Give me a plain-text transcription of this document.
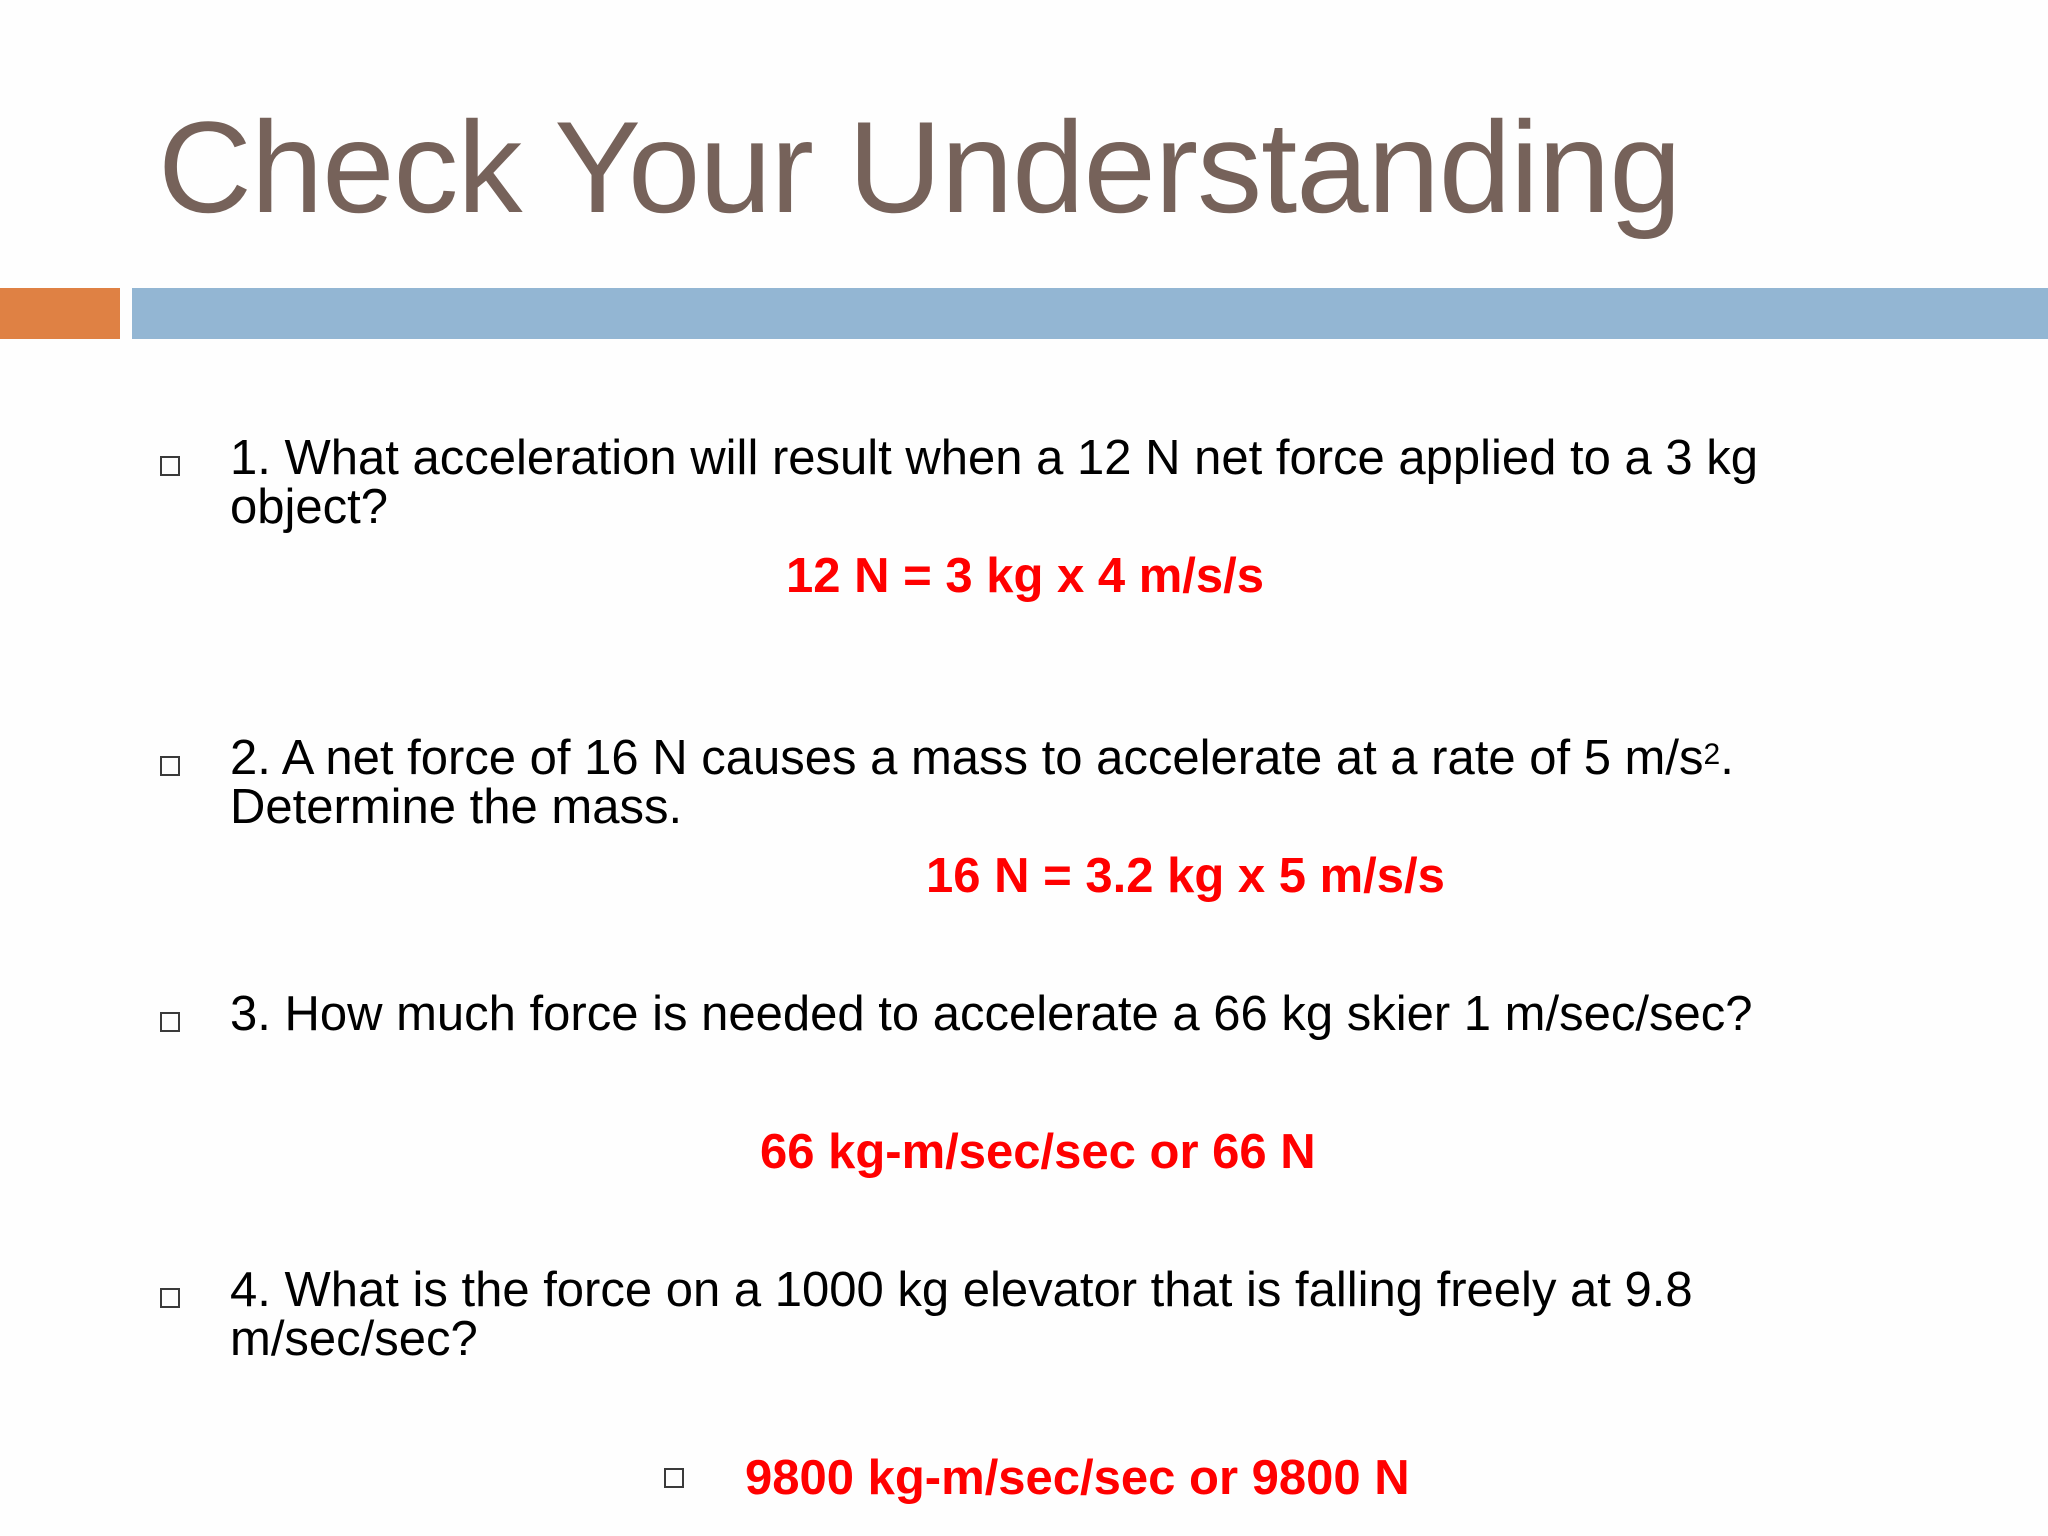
Check Your Understanding
1. What acceleration will result when a 12 N net force applied to a 3 kg object?
12 N = 3 kg x 4 m/s/s
2. A net force of 16 N causes a mass to accelerate at a rate of 5 $m/s^2$. Determine the mass.
16 N = 3.2 kg x 5 m/s/s
3. How much force is needed to accelerate a 66 kg skier 1 m/sec/sec?
66 kg-m/sec/sec or 66 N
4. What is the force on a 1000 kg elevator that is falling freely at 9.8 m/sec/sec?
9800 kg-m/sec/sec or 9800 N
